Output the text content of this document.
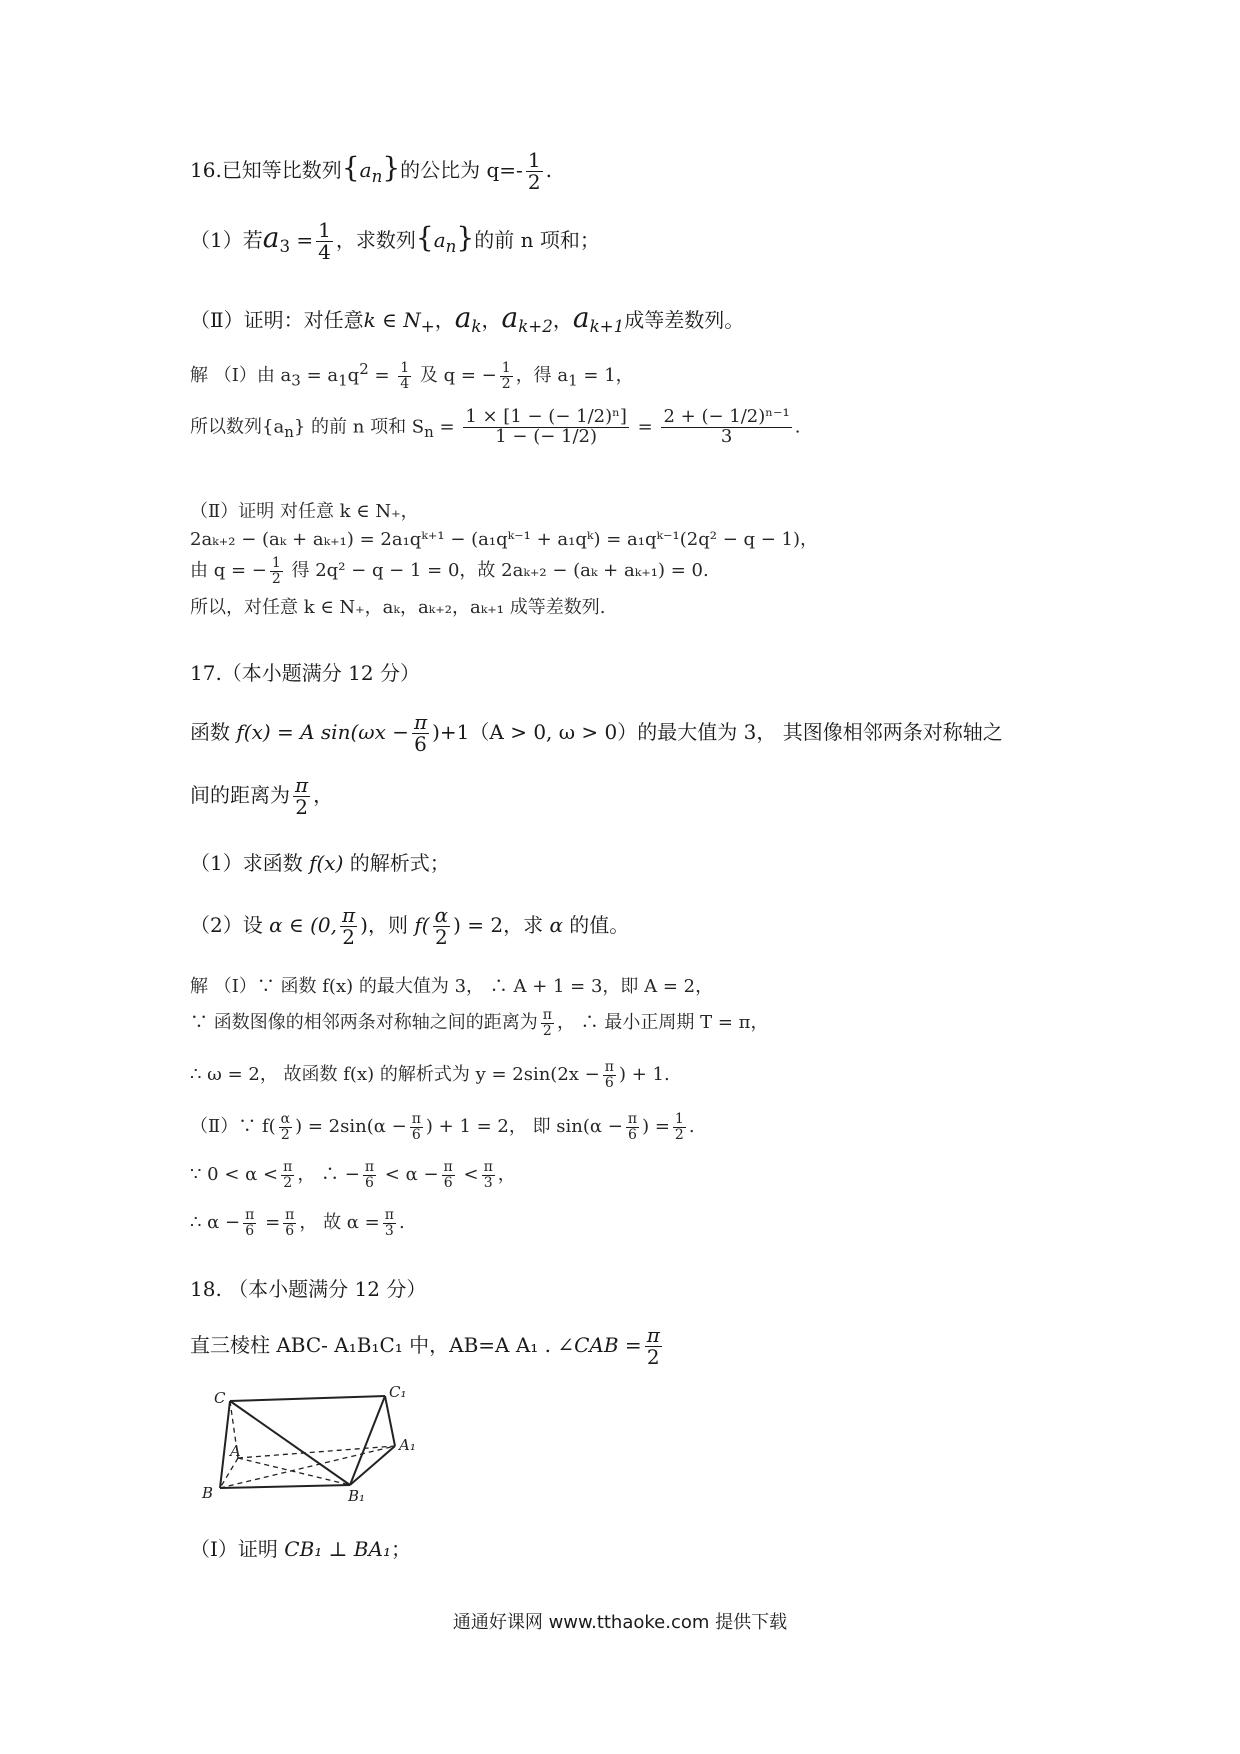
16.已知等比数列$\{a_n\}$的公比为 $q=- \frac{1}{2}$ .
（1）若$a_3 = \frac{1}{4}$ ，求数列$\{a_n\}$的前 n 项和；
（Ⅱ）证明：对任意k ∈ $N_+$，$a_k$，$a_{k+2}$，$a_{k+1}$成等差数列。
解 （Ⅰ）由 $a_3 = a_1q^2 = \frac{1}{4}$ 及 q = − $\frac{1}{2}$ ，得 $a_1 = 1$，
所以数列$\{a_n\}$ 的前 n 项和 $S_n = \frac{\text{1 × [1 − (− 1/2)ⁿ]}}{1 - (- 1/2)} = \frac{\text{2 + (− 1/2)ⁿ⁻¹}}{3}$ .
（Ⅱ）证明 对任意 k ∈ N₊，
2aₖ₊₂ − (aₖ + aₖ₊₁) = 2a₁qᵏ⁺¹ − (a₁qᵏ⁻¹ + a₁qᵏ) = a₁qᵏ⁻¹(2q² − q − 1)，
由 q = − $\frac{1}{2}$ 得 2q² − q − 1 = 0，故 2aₖ₊₂ − (aₖ + aₖ₊₁) = 0.
所以，对任意 k ∈ N₊，aₖ，aₖ₊₂，aₖ₊₁ 成等差数列.
17.（本小题满分 12 分）
函数 f(x) = A $\sin(\omega x - \frac{\pi}{6} )+1(A > 0$, ω > 0）的最大值为 3， 其图像相邻两条对称轴之
间的距离为 $\frac{\pi}{2}$ ，
（1）求函数 f(x) 的解析式；
（2）设 α ∈ (0, $\frac{\pi}{2}$ )，则 $f( \frac{\alpha}{2}$ ) = 2，求 α 的值。
解 （Ⅰ）∵ 函数 f(x) 的最大值为 3， ∴ A + 1 = 3，即 A = 2，
∵ 函数图像的相邻两条对称轴之间的距离为 $\frac{\pi}{2}$ ， ∴ 最小正周期 T = π，
∴ ω = 2， 故函数 f(x) 的解析式为 $y = 2\sin(2x - \frac{\pi}{6}$ ) + 1.
（Ⅱ）∵ $f( \frac{\alpha}{2}$ ) = $2\sin(\alpha - \frac{\pi}{6}$ ) + 1 = 2， 即 $\sin(\alpha - \frac{\pi}{6}$ ) = $\frac{1}{2}$ .
∵ $0 < \alpha < \frac{\pi}{2}$ ， ∴ − $\frac{\pi}{6} < \alpha - \frac{\pi}{6} < \frac{\pi}{3}$ ，
∴ $\alpha - \frac{\pi}{6} = \frac{\pi}{6}$ ， 故 $\alpha = \frac{\pi}{3}$ .
18. （本小题满分 12 分）
直三棱柱 ABC- A₁B₁C₁ 中，AB=A A₁ . ∠CAB = $\frac{\pi}{2}$
C	C₁
A	A₁
B	B₁
（Ⅰ）证明 CB₁ ⊥ BA₁；
通通好课网 www.tthaoke.com 提供下载
